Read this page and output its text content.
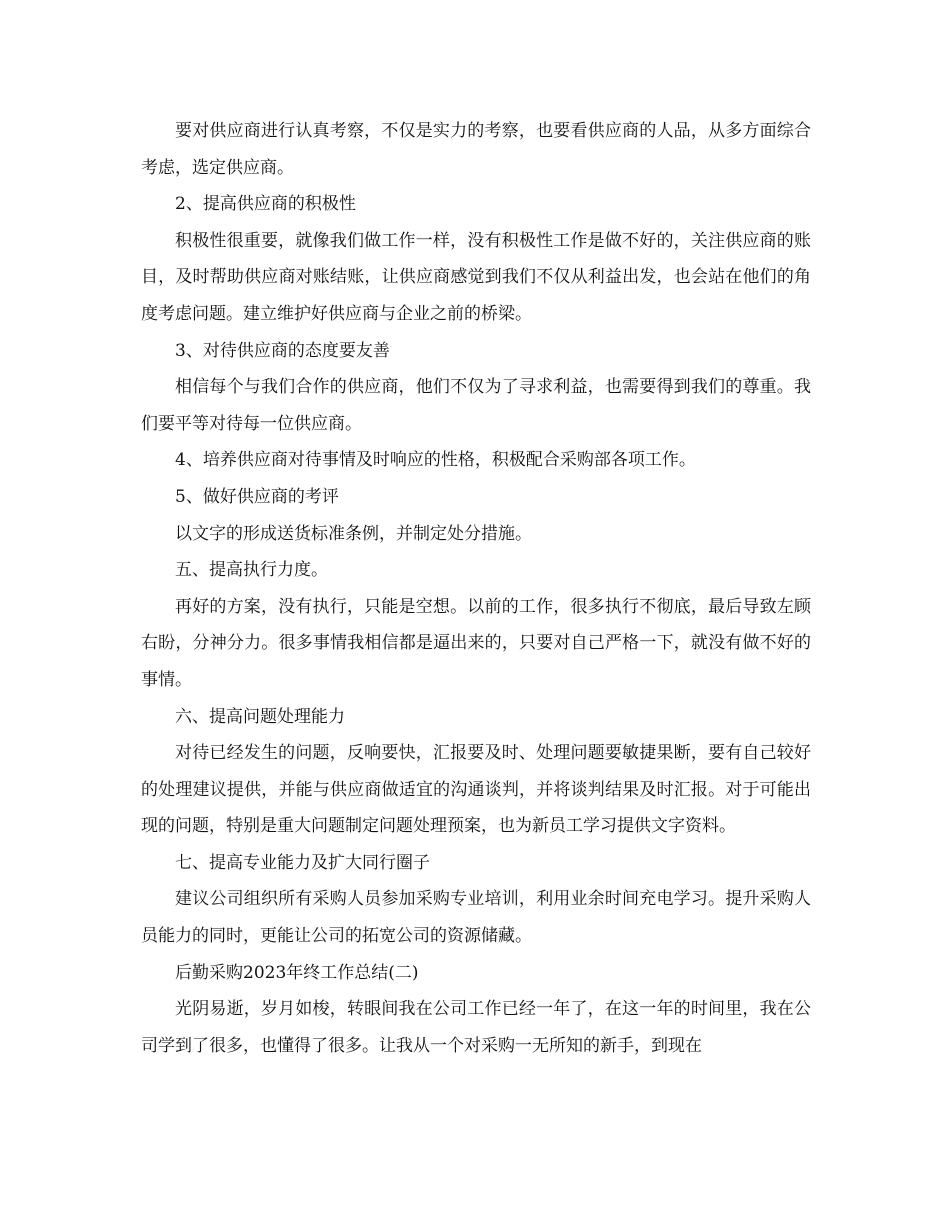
要对供应商进行认真考察，不仅是实力的考察，也要看供应商的人品，从多方面综合考虑，选定供应商。

2、提高供应商的积极性

积极性很重要，就像我们做工作一样，没有积极性工作是做不好的，关注供应商的账目，及时帮助供应商对账结账，让供应商感觉到我们不仅从利益出发，也会站在他们的角度考虑问题。建立维护好供应商与企业之前的桥梁。

3、对待供应商的态度要友善

相信每个与我们合作的供应商，他们不仅为了寻求利益，也需要得到我们的尊重。我们要平等对待每一位供应商。

4、培养供应商对待事情及时响应的性格，积极配合采购部各项工作。

5、做好供应商的考评

以文字的形成送货标准条例，并制定处分措施。

五、提高执行力度。

再好的方案，没有执行，只能是空想。以前的工作，很多执行不彻底，最后导致左顾右盼，分神分力。很多事情我相信都是逼出来的，只要对自己严格一下，就没有做不好的事情。

六、提高问题处理能力

对待已经发生的问题，反响要快，汇报要及时、处理问题要敏捷果断，要有自己较好的处理建议提供，并能与供应商做适宜的沟通谈判，并将谈判结果及时汇报。对于可能出现的问题，特别是重大问题制定问题处理预案，也为新员工学习提供文字资料。

七、提高专业能力及扩大同行圈子

建议公司组织所有采购人员参加采购专业培训，利用业余时间充电学习。提升采购人员能力的同时，更能让公司的拓宽公司的资源储藏。

后勤采购2023年终工作总结(二)

光阴易逝，岁月如梭，转眼间我在公司工作已经一年了，在这一年的时间里，我在公司学到了很多，也懂得了很多。让我从一个对采购一无所知的新手，到现在
